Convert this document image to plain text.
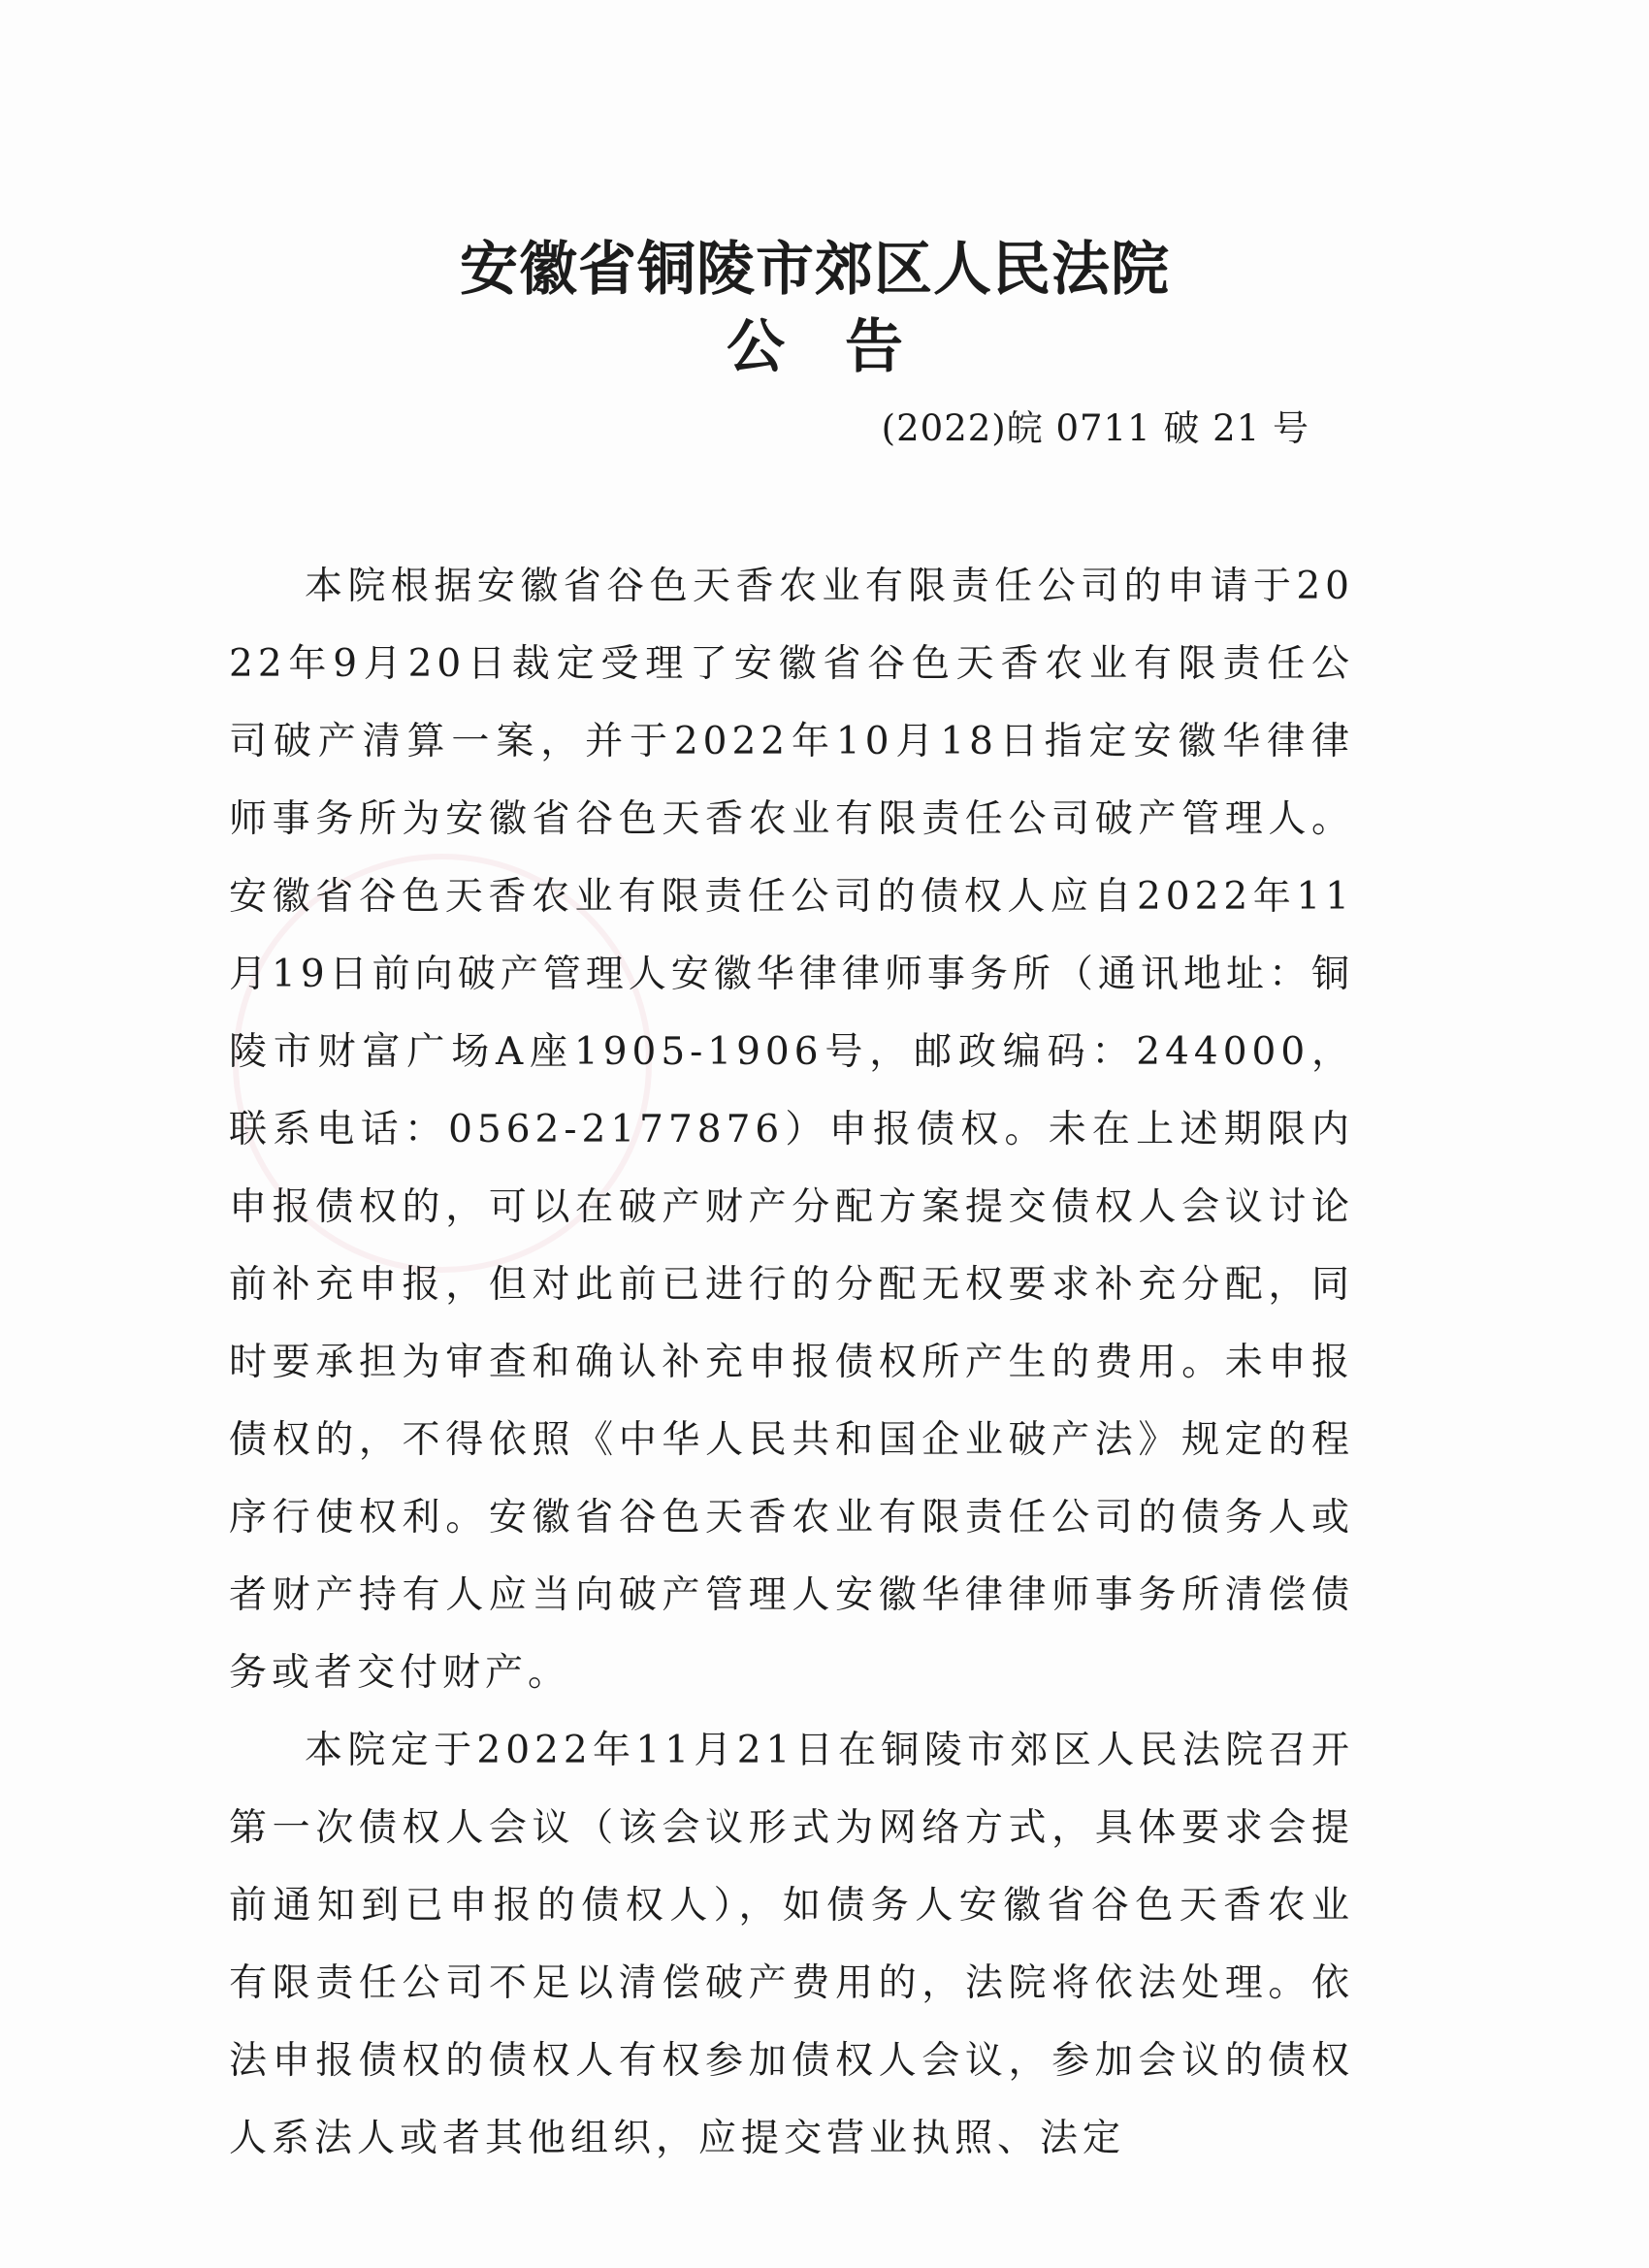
安徽省铜陵市郊区人民法院
公告
(2022)皖 0711 破 21 号

本院根据安徽省谷色天香农业有限责任公司的申请于2022年9月20日裁定受理了安徽省谷色天香农业有限责任公司破产清算一案，并于2022年10月18日指定安徽华律律师事务所为安徽省谷色天香农业有限责任公司破产管理人。安徽省谷色天香农业有限责任公司的债权人应自2022年11月19日前向破产管理人安徽华律律师事务所（通讯地址：铜陵市财富广场A座1905-1906号，邮政编码：244000，联系电话：0562-2177876）申报债权。未在上述期限内申报债权的，可以在破产财产分配方案提交债权人会议讨论前补充申报，但对此前已进行的分配无权要求补充分配，同时要承担为审查和确认补充申报债权所产生的费用。未申报债权的，不得依照《中华人民共和国企业破产法》规定的程序行使权利。安徽省谷色天香农业有限责任公司的债务人或者财产持有人应当向破产管理人安徽华律律师事务所清偿债务或者交付财产。

本院定于2022年11月21日在铜陵市郊区人民法院召开第一次债权人会议（该会议形式为网络方式，具体要求会提前通知到已申报的债权人），如债务人安徽省谷色天香农业有限责任公司不足以清偿破产费用的，法院将依法处理。依法申报债权的债权人有权参加债权人会议，参加会议的债权人系法人或者其他组织，应提交营业执照、法定
